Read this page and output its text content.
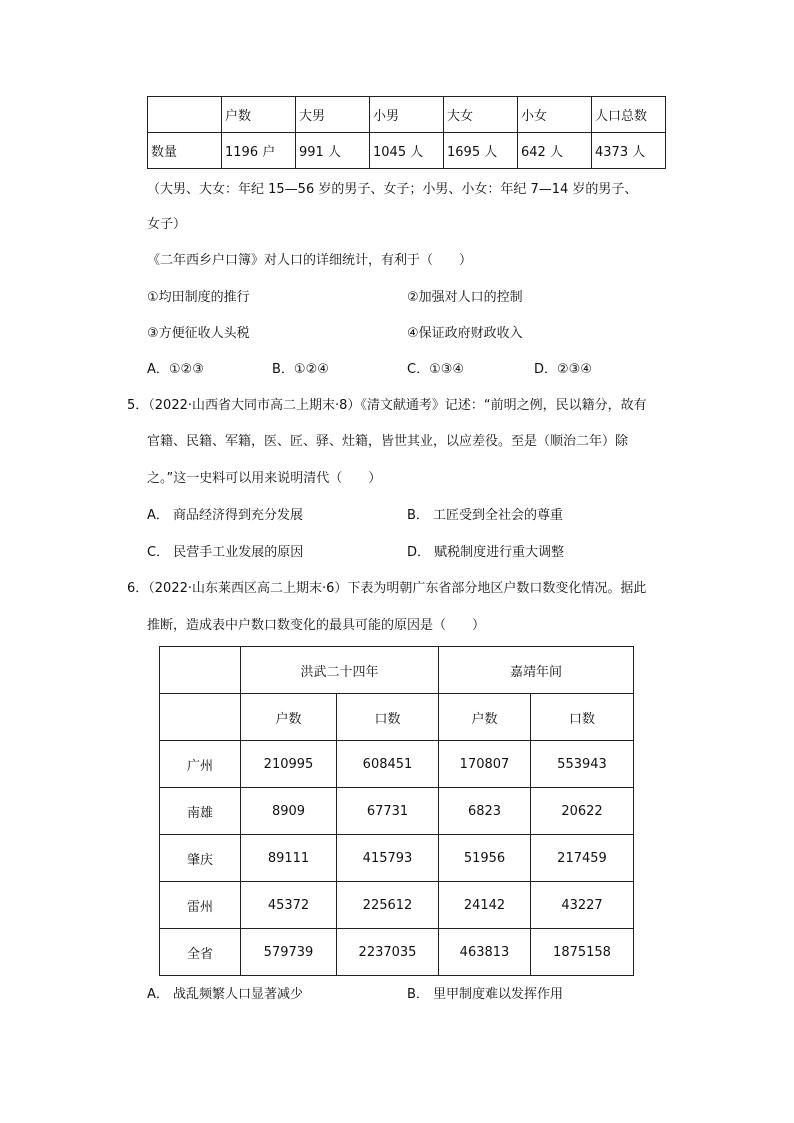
	户数	大男	小男	大女	小女	人口总数
数量	1196 户	991 人	1045 人	1695 人	642 人	4373 人
（大男、大女：年纪 15—56 岁的男子、女子；小男、小女：年纪 7—14 岁的男子、
女子）
《二年西乡户口簿》对人口的详细统计，有利于（　　）
①均田制度的推行	②加强对人口的控制
③方便征收人头税	④保证政府财政收入
A．①②③	B．①②④	C．①③④	D．②③④
5．（2022·山西省大同市高二上期末·8）《清文献通考》记述：“前明之例，民以籍分，故有
官籍、民籍、军籍，医、匠、驿、灶籍，皆世其业，以应差役。至是（顺治二年）除
之。”这一史料可以用来说明清代（　　）
A． 商品经济得到充分发展	B． 工匠受到全社会的尊重
C． 民营手工业发展的原因	D． 赋税制度进行重大调整
6．（2022·山东莱西区高二上期末·6）下表为明朝广东省部分地区户数口数变化情况。据此
推断，造成表中户数口数变化的最具可能的原因是（　　）
	洪武二十四年		嘉靖年间	
	户数	口数	户数	口数
广州	210995	608451	170807	553943
南雄	8909	67731	6823	20622
肇庆	89111	415793	51956	217459
雷州	45372	225612	24142	43227
全省	579739	2237035	463813	1875158
A． 战乱频繁人口显著减少	B． 里甲制度难以发挥作用
